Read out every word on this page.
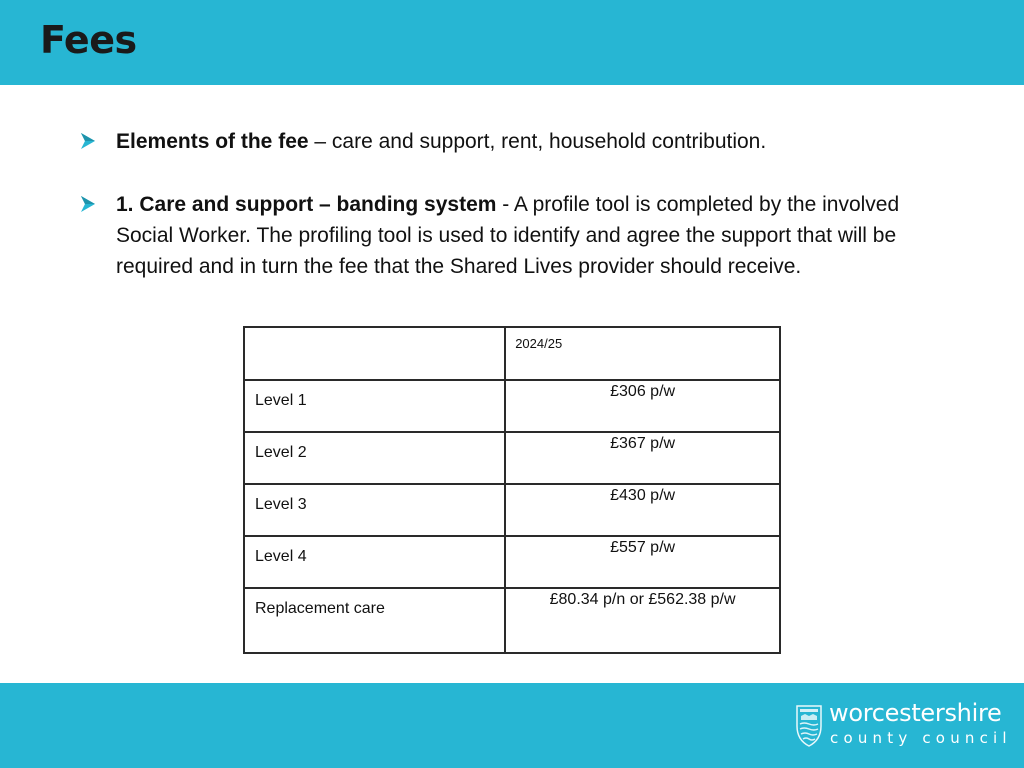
Fees
Elements of the fee – care and support, rent, household contribution.
1. Care and support – banding system - A profile tool is completed by the involved Social Worker. The profiling tool is used to identify and agree the support that will be required and in turn the fee that the Shared Lives provider should receive.
	2024/25
Level 1	£306 p/w
Level 2	£367 p/w
Level 3	£430 p/w
Level 4	£557 p/w
Replacement care	£80.34 p/n or £562.38 p/w
worcestershire
county council
